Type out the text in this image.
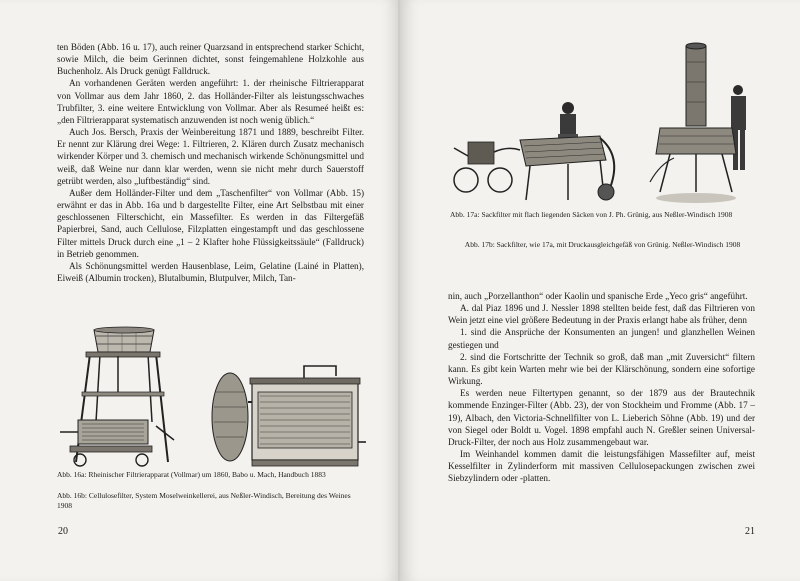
ten Böden (Abb. 16 u. 17), auch reiner Quarzsand in entsprechend starker Schicht, sowie Milch, die beim Gerinnen dichtet, sonst feingemahlene Holzkohle aus Buchenholz. Als Druck genügt Falldruck.

An vorhandenen Geräten werden angeführt: 1. der rheinische Filtrierapparat von Vollmar aus dem Jahr 1860, 2. das Holländer-Filter als leistungsschwaches Trubfilter, 3. eine weitere Entwicklung von Vollmar. Aber als Resumeé heißt es: „den Filtrierapparat systematisch anzuwenden ist noch wenig üblich.“

Auch Jos. Bersch, Praxis der Weinbereitung 1871 und 1889, beschreibt Filter. Er nennt zur Klärung drei Wege: 1. Filtrieren, 2. Klären durch Zusatz mechanisch wirkender Körper und 3. chemisch und mechanisch wirkende Schönungsmittel und weiß, daß Weine nur dann klar werden, wenn sie nicht mehr durch Sauerstoff getrübt werden, also „luftbeständig“ sind.

Außer dem Holländer-Filter und dem „Taschenfilter“ von Vollmar (Abb. 15) erwähnt er das in Abb. 16a und b dargestellte Filter, eine Art Selbstbau mit einer geschlossenen Filterschicht, ein Massefilter. Es werden in das Filtergefäß Papierbrei, Sand, auch Cellulose, Filzplatten eingestampft und das geschlossene Filter mittels Druck durch eine „1 – 2 Klafter hohe Flüssigkeitssäule“ (Falldruck) in Betrieb genommen.

Als Schönungsmittel werden Hausenblase, Leim, Gelatine (Lainé in Platten), Eiweiß (Albumin trocken), Blutalbumin, Blutpulver, Milch, Tan-

Abb. 16a: Rheinischer Filtrierapparat (Vollmar) um 1860, Babo u. Mach, Handbuch 1883

Abb. 16b: Cellulosefilter, System Moselweinkellerei, aus Neßler-Windisch, Bereitung des Weines 1908

20

Abb. 17a: Sackfilter mit flach liegenden Säcken von J. Ph. Grünig, aus Neßler-Windisch 1908

Abb. 17b: Sackfilter, wie 17a, mit Druckausgleichgefäß von Grünig. Neßler-Windisch 1908

nin, auch „Porzellanthon“ oder Kaolin und spanische Erde „Yeco gris“ angeführt.

A. dal Piaz 1896 und J. Nessler 1898 stellten beide fest, daß das Filtrieren von Wein jetzt eine viel größere Bedeutung in der Praxis erlangt habe als früher, denn

1. sind die Ansprüche der Konsumenten an jungen! und glanzhellen Weinen gestiegen und

2. sind die Fortschritte der Technik so groß, daß man „mit Zuversicht“ filtern kann. Es gibt kein Warten mehr wie bei der Klärschönung, sondern eine sofortige Wirkung.

Es werden neue Filtertypen genannt, so der 1879 aus der Brautechnik kommende Enzinger-Filter (Abb. 23), der von Stockheim und Fromme (Abb. 17 – 19), Albach, den Victoria-Schnellfilter von L. Lieberich Söhne (Abb. 19) und der von Siegel oder Boldt u. Vogel. 1898 empfahl auch N. Greßler seinen Universal-Druck-Filter, der noch aus Holz zusammengebaut war.

Im Weinhandel kommen damit die leistungsfähigen Massefilter auf, meist Kesselfilter in Zylinderform mit massiven Cellulosepackungen zwischen zwei Siebzylindern oder -platten.

21
